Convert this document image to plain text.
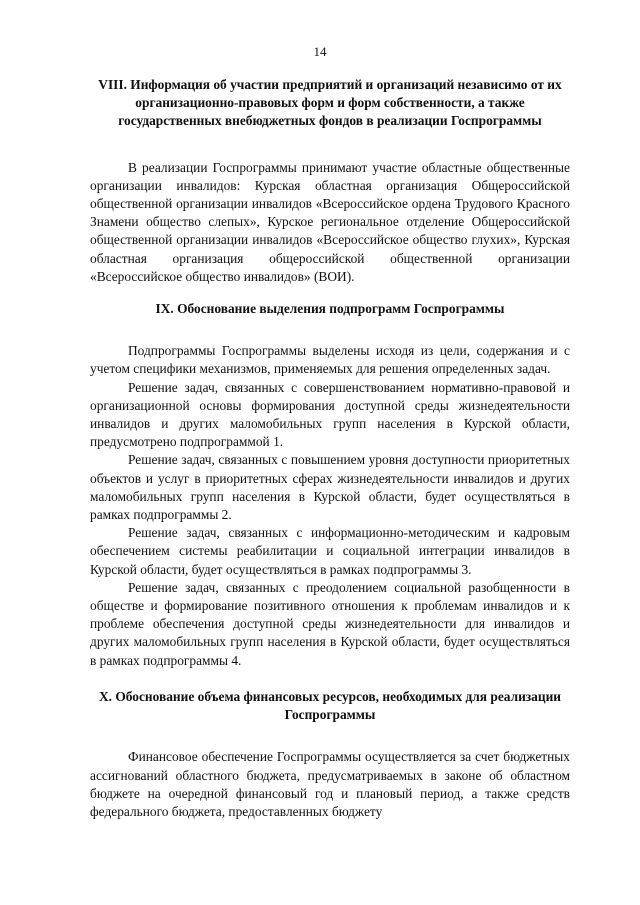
14

VIII. Информация об участии предприятий и организаций независимо от их организационно-правовых форм и форм собственности, а также государственных внебюджетных фондов в реализации Госпрограммы

В реализации Госпрограммы принимают участие областные общественные организации инвалидов: Курская областная организация Общероссийской общественной организации инвалидов «Всероссийское ордена Трудового Красного Знамени общество слепых», Курское региональное отделение Общероссийской общественной организации инвалидов «Всероссийское общество глухих», Курская областная организация общероссийской общественной организации «Всероссийское общество инвалидов» (ВОИ).

IX. Обоснование выделения подпрограмм Госпрограммы

Подпрограммы Госпрограммы выделены исходя из цели, содержания и с учетом специфики механизмов, применяемых для решения определенных задач.

Решение задач, связанных с совершенствованием нормативно-правовой и организационной основы формирования доступной среды жизнедеятельности инвалидов и других маломобильных групп населения в Курской области, предусмотрено подпрограммой 1.

Решение задач, связанных с повышением уровня доступности приоритетных объектов и услуг в приоритетных сферах жизнедеятельности инвалидов и других маломобильных групп населения в Курской области, будет осуществляться в рамках подпрограммы 2.

Решение задач, связанных с информационно-методическим и кадровым обеспечением системы реабилитации и социальной интеграции инвалидов в Курской области, будет осуществляться в рамках подпрограммы 3.

Решение задач, связанных с преодолением социальной разобщенности в обществе и формирование позитивного отношения к проблемам инвалидов и к проблеме обеспечения доступной среды жизнедеятельности для инвалидов и других маломобильных групп населения в Курской области, будет осуществляться в рамках подпрограммы 4.

X. Обоснование объема финансовых ресурсов, необходимых для реализации Госпрограммы

Финансовое обеспечение Госпрограммы осуществляется за счет бюджетных ассигнований областного бюджета, предусматриваемых в законе об областном бюджете на очередной финансовый год и плановый период, а также средств федерального бюджета, предоставленных бюджету
